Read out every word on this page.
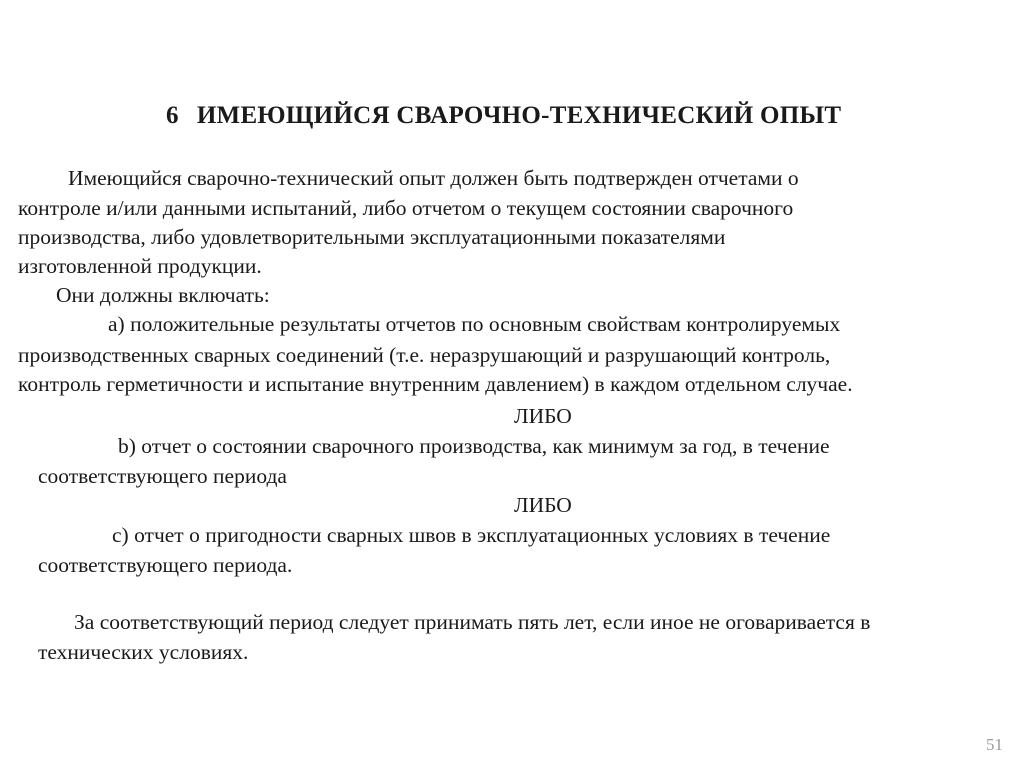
6 ИМЕЮЩИЙСЯ СВАРОЧНО-ТЕХНИЧЕСКИЙ ОПЫТ
Имеющийся сварочно-технический опыт должен быть подтвержден отчетами о
контроле и/или данными испытаний, либо отчетом о текущем состоянии сварочного
производства, либо удовлетворительными эксплуатационными показателями
изготовленной продукции.
Они должны включать:
а) положительные результаты отчетов по основным свойствам контролируемых
производственных сварных соединений (т.е. неразрушающий и разрушающий контроль,
контроль герметичности и испытание внутренним давлением) в каждом отдельном случае.
ЛИБО
b) отчет о состоянии сварочного производства, как минимум за год, в течение
соответствующего периода
ЛИБО
c) отчет о пригодности сварных швов в эксплуатационных условиях в течение
соответствующего периода.
За соответствующий период следует принимать пять лет, если иное не оговаривается в
технических условиях.
51
